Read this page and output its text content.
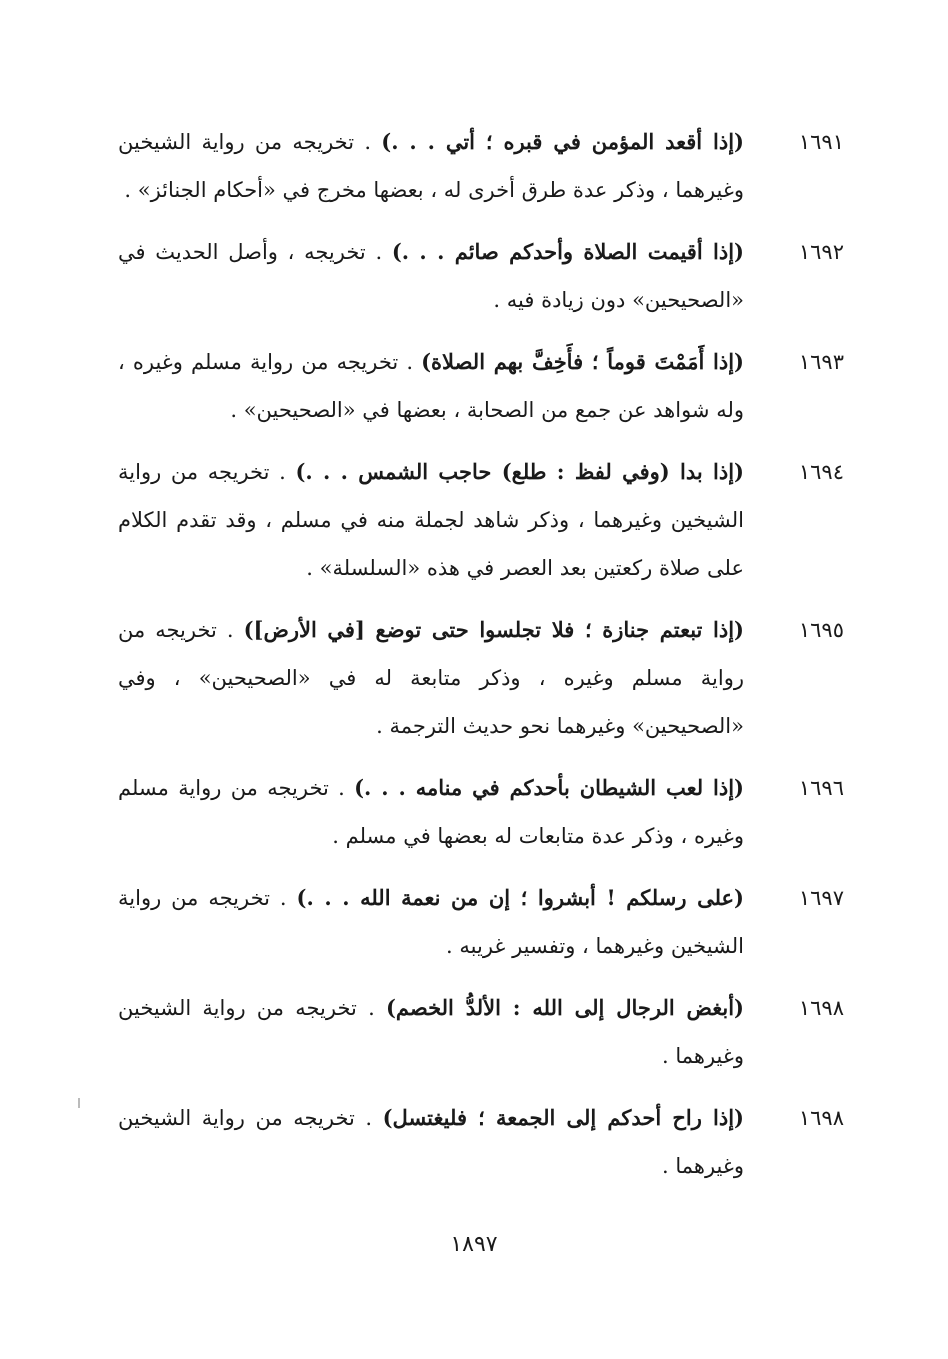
١٦٩١
(إذا أقعد المؤمن في قبره ؛ أتي . . .) . تخريجه من رواية الشيخين وغيرهما ، وذكر عدة طرق أخرى له ، بعضها مخرج في «أحكام الجنائز» .
١٦٩٢
(إذا أقيمت الصلاة وأحدكم صائم . . .) . تخريجه ، وأصل الحديث في «الصحيحين» دون زيادة فيه .
١٦٩٣
(إذا أَمَمْتَ قوماً ؛ فأَخِفَّ بهم الصلاة) . تخريجه من رواية مسلم وغيره ، وله شواهد عن جمع من الصحابة ، بعضها في «الصحيحين» .
١٦٩٤
(إذا بدا (وفي لفظ : طلع) حاجب الشمس . . .) . تخريجه من رواية الشيخين وغيرهما ، وذكر شاهد لجملة منه في مسلم ، وقد تقدم الكلام على صلاة ركعتين بعد العصر في هذه «السلسلة» .
١٦٩٥
(إذا تبعتم جنازة ؛ فلا تجلسوا حتى توضع [في الأرض]) . تخريجه من رواية مسلم وغيره ، وذكر متابعة له في «الصحيحين» ، وفي «الصحيحين» وغيرهما نحو حديث الترجمة .
١٦٩٦
(إذا لعب الشيطان بأحدكم في منامه . . .) . تخريجه من رواية مسلم وغيره ، وذكر عدة متابعات له بعضها في مسلم .
١٦٩٧
(على رسلكم ! أبشروا ؛ إن من نعمة الله . . .) . تخريجه من رواية الشيخين وغيرهما ، وتفسير غريبه .
١٦٩٨
(أبغض الرجال إلى الله : الألدُّ الخصم) . تخريجه من رواية الشيخين وغيرهما .
١٦٩٨
(إذا راح أحدكم إلى الجمعة ؛ فليغتسل) . تخريجه من رواية الشيخين وغيرهما .
١٨٩٧
